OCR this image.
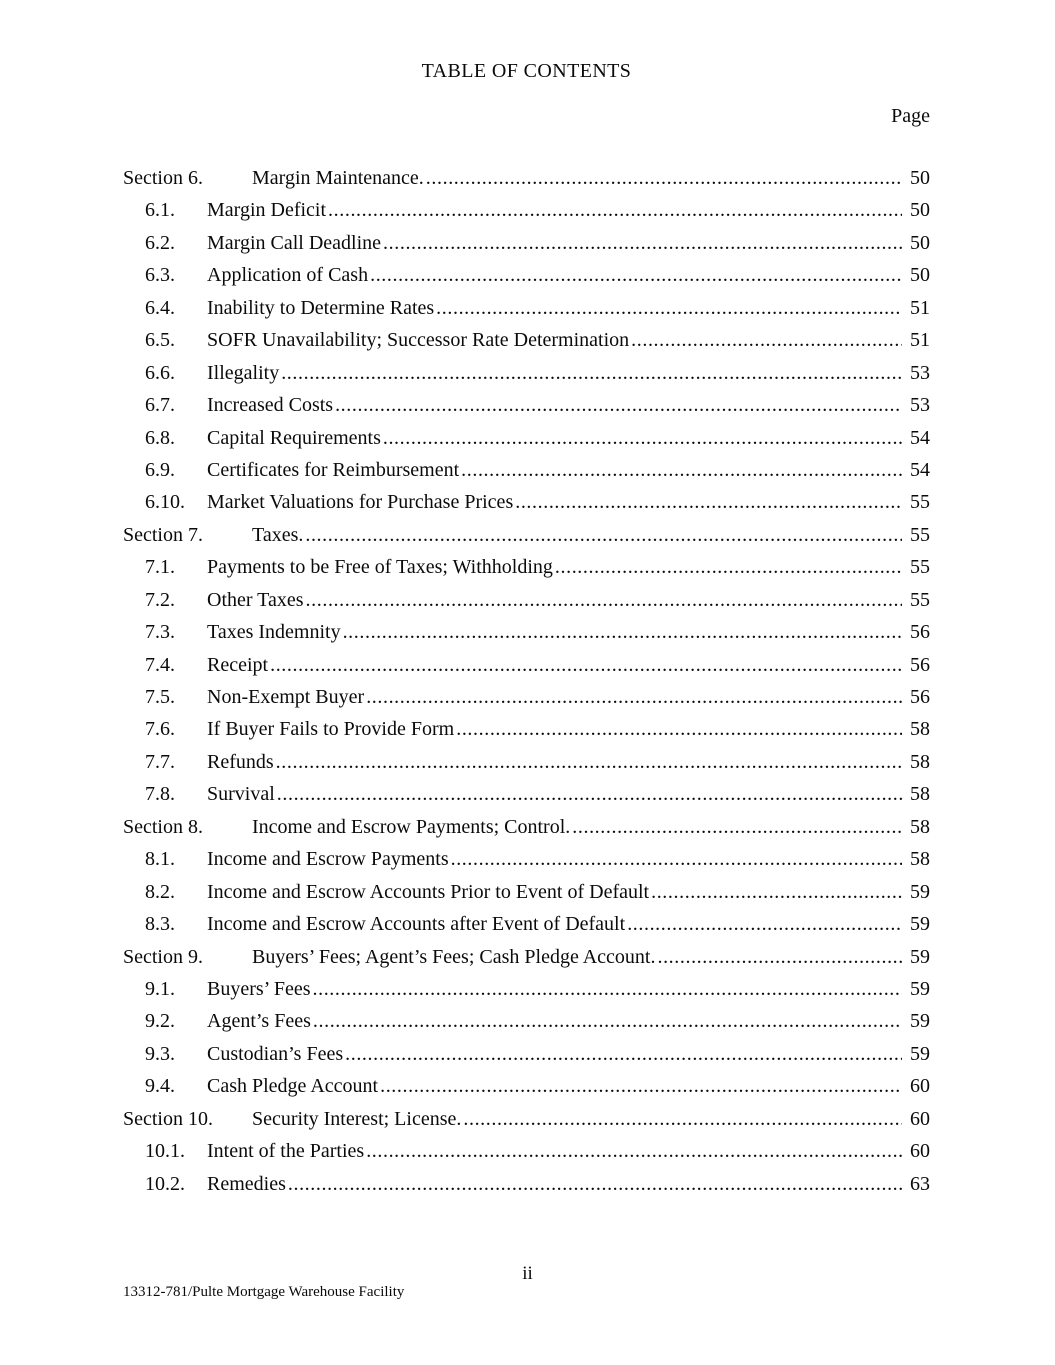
TABLE OF CONTENTS
Page
Section 6.	Margin Maintenance. .....	50
6.1.	Margin Deficit .....	50
6.2.	Margin Call Deadline .....	50
6.3.	Application of Cash .....	50
6.4.	Inability to Determine Rates .....	51
6.5.	SOFR Unavailability; Successor Rate Determination .....	51
6.6.	Illegality .....	53
6.7.	Increased Costs .....	53
6.8.	Capital Requirements .....	54
6.9.	Certificates for Reimbursement .....	54
6.10.	Market Valuations for Purchase Prices .....	55
Section 7.	Taxes. .....	55
7.1.	Payments to be Free of Taxes; Withholding .....	55
7.2.	Other Taxes .....	55
7.3.	Taxes Indemnity .....	56
7.4.	Receipt .....	56
7.5.	Non-Exempt Buyer .....	56
7.6.	If Buyer Fails to Provide Form .....	58
7.7.	Refunds .....	58
7.8.	Survival .....	58
Section 8.	Income and Escrow Payments; Control. .....	58
8.1.	Income and Escrow Payments .....	58
8.2.	Income and Escrow Accounts Prior to Event of Default .....	59
8.3.	Income and Escrow Accounts after Event of Default .....	59
Section 9.	Buyers’ Fees; Agent’s Fees; Cash Pledge Account. .....	59
9.1.	Buyers’ Fees .....	59
9.2.	Agent’s Fees .....	59
9.3.	Custodian’s Fees .....	59
9.4.	Cash Pledge Account .....	60
Section 10.	Security Interest; License. .....	60
10.1.	Intent of the Parties .....	60
10.2.	Remedies .....	63
ii
13312-781/Pulte Mortgage Warehouse Facility
